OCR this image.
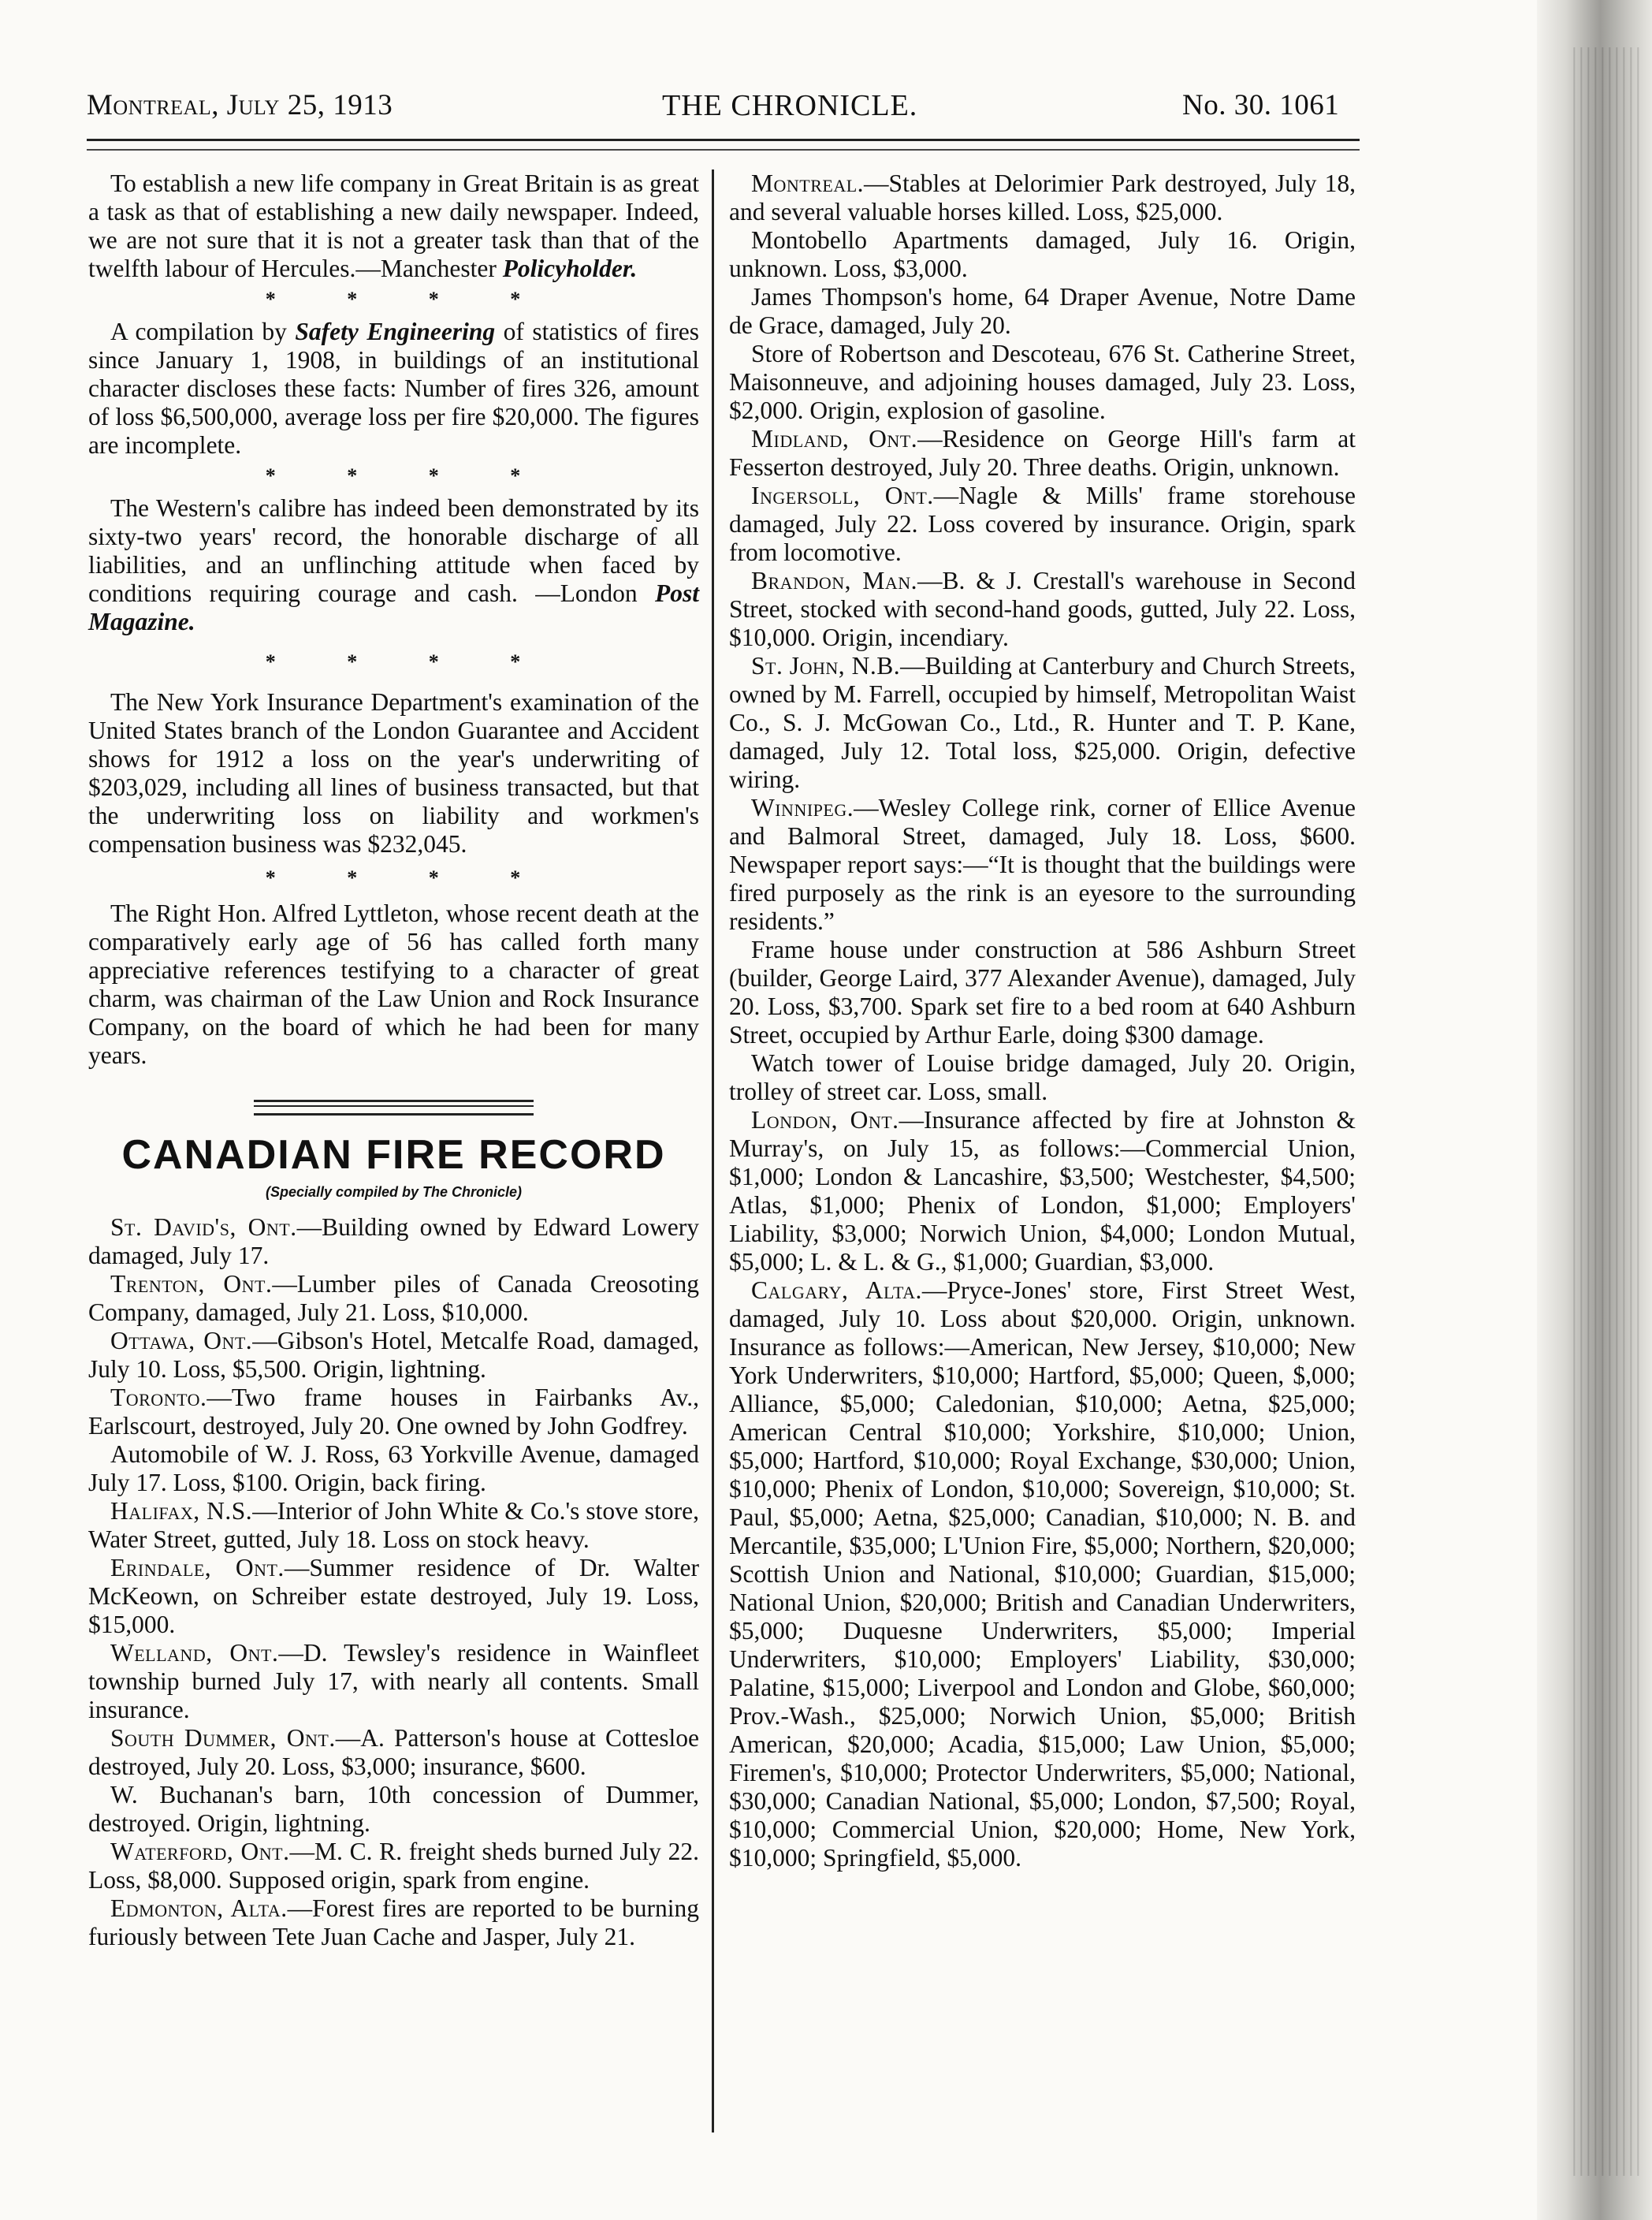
Montreal, July 25, 1913	THE CHRONICLE.	No. 30. 1061

To establish a new life company in Great Britain is as great a task as that of establishing a new daily newspaper. Indeed, we are not sure that it is not a greater task than that of the twelfth labour of Hercules.—Manchester Policyholder.

* * * *

A compilation by Safety Engineering of statistics of fires since January 1, 1908, in buildings of an institutional character discloses these facts: Number of fires 326, amount of loss $6,500,000, average loss per fire $20,000. The figures are incomplete.

* * * *

The Western's calibre has indeed been demonstrated by its sixty-two years' record, the honorable discharge of all liabilities, and an unflinching attitude when faced by conditions requiring courage and cash. —London Post Magazine.

* * * *

The New York Insurance Department's examination of the United States branch of the London Guarantee and Accident shows for 1912 a loss on the year's underwriting of $203,029, including all lines of business transacted, but that the underwriting loss on liability and workmen's compensation business was $232,045.

* * * *

The Right Hon. Alfred Lyttleton, whose recent death at the comparatively early age of 56 has called forth many appreciative references testifying to a character of great charm, was chairman of the Law Union and Rock Insurance Company, on the board of which he had been for many years.

CANADIAN FIRE RECORD
(Specially compiled by The Chronicle)

St. David's, Ont.—Building owned by Edward Lowery damaged, July 17.

Trenton, Ont.—Lumber piles of Canada Creosoting Company, damaged, July 21. Loss, $10,000.

Ottawa, Ont.—Gibson's Hotel, Metcalfe Road, damaged, July 10. Loss, $5,500. Origin, lightning.

Toronto.—Two frame houses in Fairbanks Av., Earlscourt, destroyed, July 20. One owned by John Godfrey.

Automobile of W. J. Ross, 63 Yorkville Avenue, damaged July 17. Loss, $100. Origin, back firing.

Halifax, N.S.—Interior of John White & Co.'s stove store, Water Street, gutted, July 18. Loss on stock heavy.

Erindale, Ont.—Summer residence of Dr. Walter McKeown, on Schreiber estate destroyed, July 19. Loss, $15,000.

Welland, Ont.—D. Tewsley's residence in Wainfleet township burned July 17, with nearly all contents. Small insurance.

South Dummer, Ont.—A. Patterson's house at Cottesloe destroyed, July 20. Loss, $3,000; insurance, $600.

W. Buchanan's barn, 10th concession of Dummer, destroyed. Origin, lightning.

Waterford, Ont.—M. C. R. freight sheds burned July 22. Loss, $8,000. Supposed origin, spark from engine.

Edmonton, Alta.—Forest fires are reported to be burning furiously between Tete Juan Cache and Jasper, July 21.

Montreal.—Stables at Delorimier Park destroyed, July 18, and several valuable horses killed. Loss, $25,000.

Montobello Apartments damaged, July 16. Origin, unknown. Loss, $3,000.

James Thompson's home, 64 Draper Avenue, Notre Dame de Grace, damaged, July 20.

Store of Robertson and Descoteau, 676 St. Catherine Street, Maisonneuve, and adjoining houses damaged, July 23. Loss, $2,000. Origin, explosion of gasoline.

Midland, Ont.—Residence on George Hill's farm at Fesserton destroyed, July 20. Three deaths. Origin, unknown.

Ingersoll, Ont.—Nagle & Mills' frame storehouse damaged, July 22. Loss covered by insurance. Origin, spark from locomotive.

Brandon, Man.—B. & J. Crestall's warehouse in Second Street, stocked with second-hand goods, gutted, July 22. Loss, $10,000. Origin, incendiary.

St. John, N.B.—Building at Canterbury and Church Streets, owned by M. Farrell, occupied by himself, Metropolitan Waist Co., S. J. McGowan Co., Ltd., R. Hunter and T. P. Kane, damaged, July 12. Total loss, $25,000. Origin, defective wiring.

Winnipeg.—Wesley College rink, corner of Ellice Avenue and Balmoral Street, damaged, July 18. Loss, $600. Newspaper report says:—“It is thought that the buildings were fired purposely as the rink is an eyesore to the surrounding residents.”

Frame house under construction at 586 Ashburn Street (builder, George Laird, 377 Alexander Avenue), damaged, July 20. Loss, $3,700. Spark set fire to a bed room at 640 Ashburn Street, occupied by Arthur Earle, doing $300 damage.

Watch tower of Louise bridge damaged, July 20. Origin, trolley of street car. Loss, small.

London, Ont.—Insurance affected by fire at Johnston & Murray's, on July 15, as follows:—Commercial Union, $1,000; London & Lancashire, $3,500; Westchester, $4,500; Atlas, $1,000; Phenix of London, $1,000; Employers' Liability, $3,000; Norwich Union, $4,000; London Mutual, $5,000; L. & L. & G., $1,000; Guardian, $3,000.

Calgary, Alta.—Pryce-Jones' store, First Street West, damaged, July 10. Loss about $20,000. Origin, unknown. Insurance as follows:—American, New Jersey, $10,000; New York Underwriters, $10,000; Hartford, $5,000; Queen, $,000; Alliance, $5,000; Caledonian, $10,000; Aetna, $25,000; American Central $10,000; Yorkshire, $10,000; Union, $5,000; Hartford, $10,000; Royal Exchange, $30,000; Union, $10,000; Phenix of London, $10,000; Sovereign, $10,000; St. Paul, $5,000; Aetna, $25,000; Canadian, $10,000; N. B. and Mercantile, $35,000; L'Union Fire, $5,000; Northern, $20,000; Scottish Union and National, $10,000; Guardian, $15,000; National Union, $20,000; British and Canadian Underwriters, $5,000; Duquesne Underwriters, $5,000; Imperial Underwriters, $10,000; Employers' Liability, $30,000; Palatine, $15,000; Liverpool and London and Globe, $60,000; Prov.-Wash., $25,000; Norwich Union, $5,000; British American, $20,000; Acadia, $15,000; Law Union, $5,000; Firemen's, $10,000; Protector Underwriters, $5,000; National, $30,000; Canadian National, $5,000; London, $7,500; Royal, $10,000; Commercial Union, $20,000; Home, New York, $10,000; Springfield, $5,000.
